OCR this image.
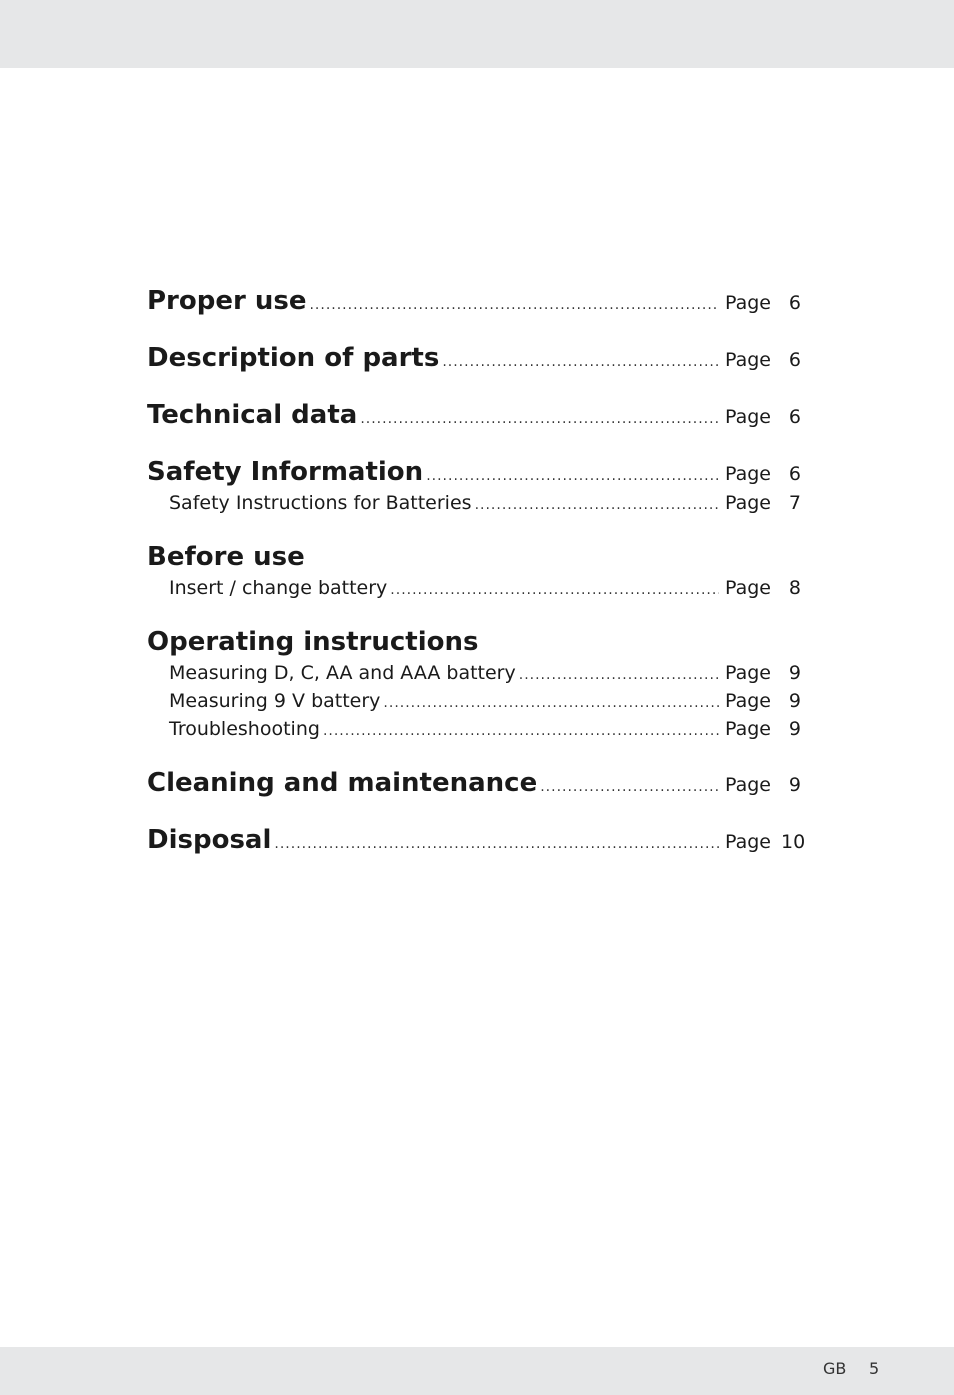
Proper use .....	Page 6
Description of parts .....	Page 6
Technical data .....	Page 6
Safety Information .....	Page 6
Safety Instructions for Batteries .....	Page 7
Before use
Insert / change battery .....	Page 8
Operating instructions
Measuring D, C, AA and AAA battery .....	Page 9
Measuring 9 V battery .....	Page 9
Troubleshooting .....	Page 9
Cleaning and maintenance .....	Page 9
Disposal .....	Page 10
GB 5
